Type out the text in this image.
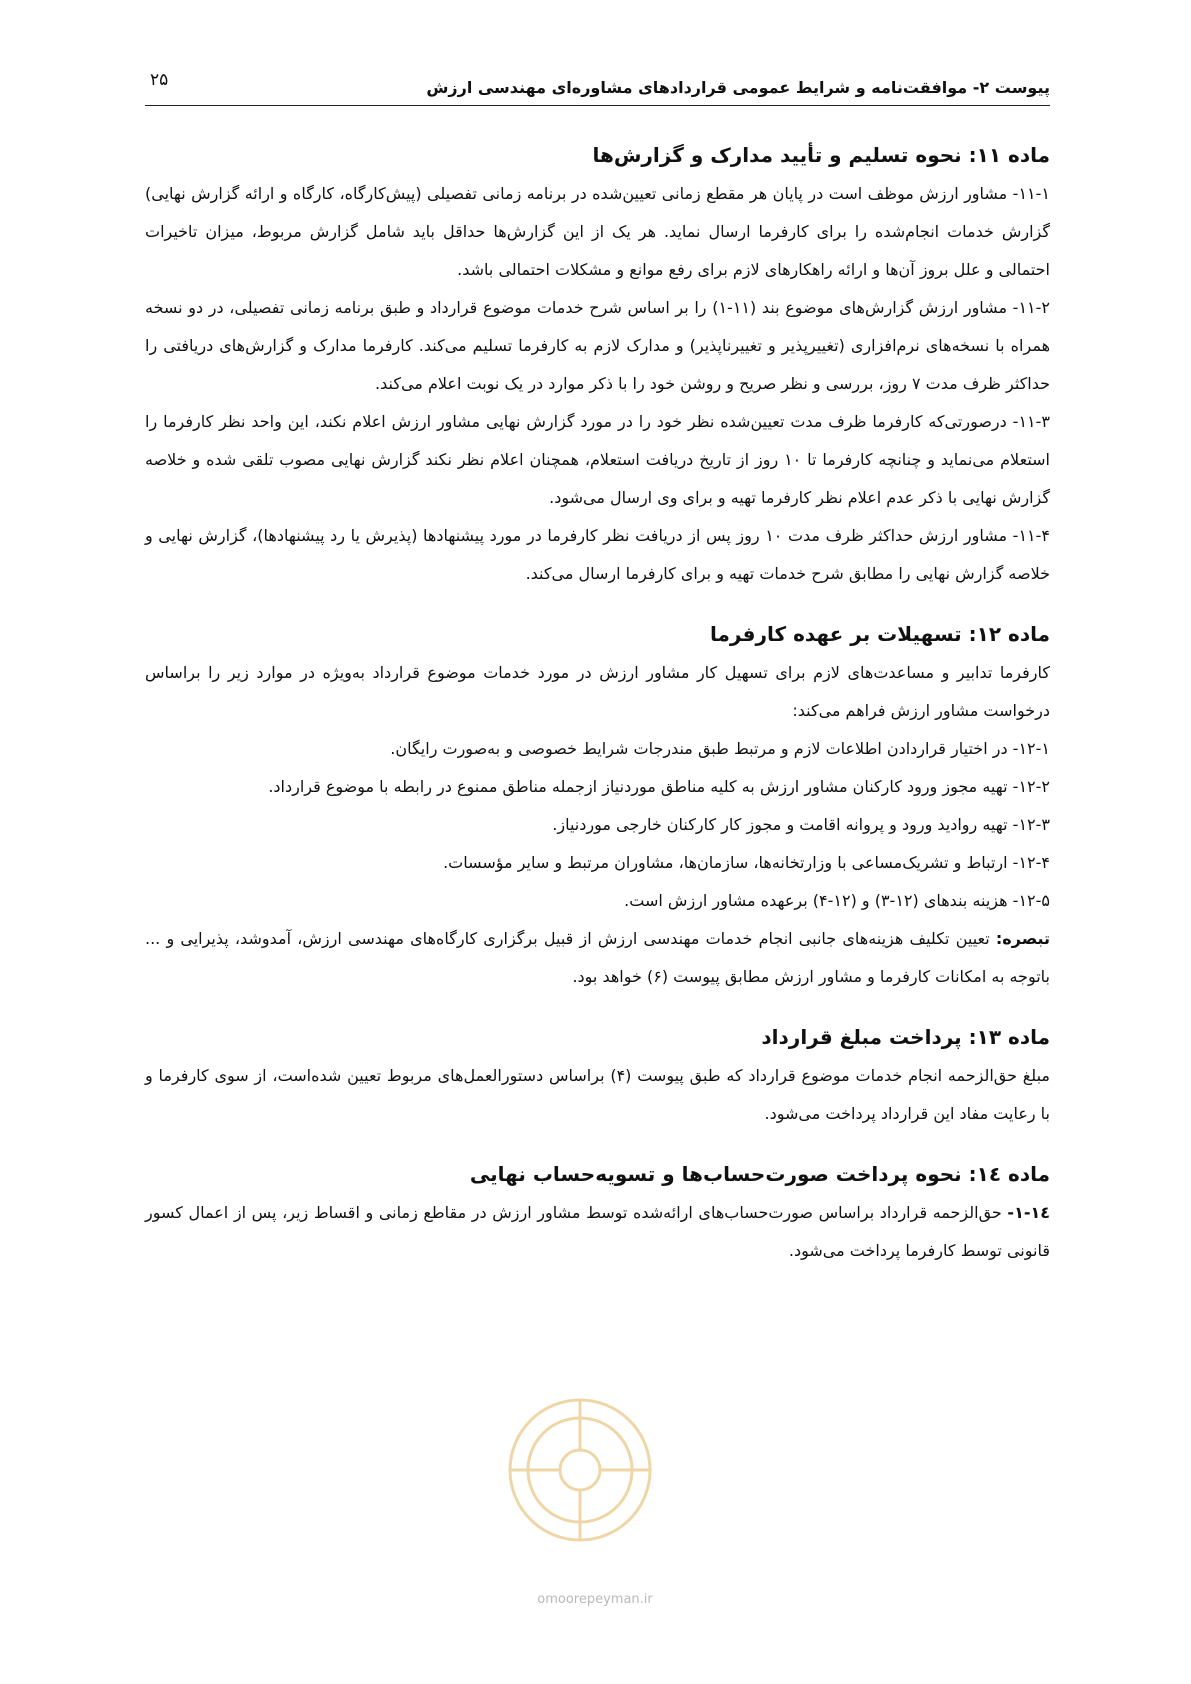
پیوست ۲- موافقت‌نامه و شرایط عمومی قراردادهای مشاوره‌ای مهندسی ارزش
۲۵
ماده ۱۱: نحوه تسلیم و تأیید مدارک و گزارش‌ها

۱۱-۱- مشاور ارزش موظف است در پایان هر مقطع زمانی تعیین‌شده در برنامه زمانی تفصیلی (پیش‌کارگاه، کارگاه و ارائه گزارش نهایی) گزارش خدمات انجام‌شده را برای کارفرما ارسال نماید. هر یک از این گزارش‌ها حداقل باید شامل گزارش مربوط، میزان تاخیرات احتمالی و علل بروز آن‌ها و ارائه راهکارهای لازم برای رفع موانع و مشکلات احتمالی باشد.

۱۱-۲- مشاور ارزش گزارش‌های موضوع بند (۱۱-۱) را بر اساس شرح خدمات موضوع قرارداد و طبق برنامه زمانی تفصیلی، در دو نسخه همراه با نسخه‌های نرم‌افزاری (تغییرپذیر و تغییرناپذیر) و مدارک لازم به کارفرما تسلیم می‌کند. کارفرما مدارک و گزارش‌های دریافتی را حداکثر ظرف مدت ۷ روز، بررسی و نظر صریح و روشن خود را با ذکر موارد در یک نوبت اعلام می‌کند.

۱۱-۳- درصورتی‌که کارفرما ظرف مدت تعیین‌شده نظر خود را در مورد گزارش نهایی مشاور ارزش اعلام نکند، این واحد نظر کارفرما را استعلام می‌نماید و چنانچه کارفرما تا ۱۰ روز از تاریخ دریافت استعلام، همچنان اعلام نظر نکند گزارش نهایی مصوب تلقی شده و خلاصه گزارش نهایی با ذکر عدم اعلام نظر کارفرما تهیه و برای وی ارسال می‌شود.

۱۱-۴- مشاور ارزش حداکثر ظرف مدت ۱۰ روز پس از دریافت نظر کارفرما در مورد پیشنهادها (پذیرش یا رد پیشنهادها)، گزارش نهایی و خلاصه گزارش نهایی را مطابق شرح خدمات تهیه و برای کارفرما ارسال می‌کند.

ماده ۱۲: تسهیلات بر عهده کارفرما

کارفرما تدابیر و مساعدت‌های لازم برای تسهیل کار مشاور ارزش در مورد خدمات موضوع قرارداد به‌ویژه در موارد زیر را براساس درخواست مشاور ارزش فراهم می‌کند:

۱۲-۱- در اختیار قراردادن اطلاعات لازم و مرتبط طبق مندرجات شرایط خصوصی و به‌صورت رایگان.

۱۲-۲- تهیه مجوز ورود کارکنان مشاور ارزش به کلیه مناطق موردنیاز ازجمله مناطق ممنوع در رابطه با موضوع قرارداد.

۱۲-۳- تهیه روادید ورود و پروانه اقامت و مجوز کار کارکنان خارجی موردنیاز.

۱۲-۴- ارتباط و تشریک‌مساعی با وزارتخانه‌ها، سازمان‌ها، مشاوران مرتبط و سایر مؤسسات.

۱۲-۵- هزینه بندهای (۱۲-۳) و (۱۲-۴) برعهده مشاور ارزش است.

تبصره: تعیین تکلیف هزینه‌های جانبی انجام خدمات مهندسی ارزش از قبیل برگزاری کارگاه‌های مهندسی ارزش، آمدوشد، پذیرایی و ... باتوجه به امکانات کارفرما و مشاور ارزش مطابق پیوست (۶) خواهد بود.

ماده ۱۳: پرداخت مبلغ قرارداد

مبلغ حق‌الزحمه انجام خدمات موضوع قرارداد که طبق پیوست (۴) براساس دستورالعمل‌های مربوط تعیین شده‌است، از سوی کارفرما و با رعایت مفاد این قرارداد پرداخت می‌شود.

ماده ۱٤: نحوه پرداخت صورت‌حساب‌ها و تسویه‌حساب نهایی

۱٤-۱- حق‌الزحمه قرارداد براساس صورت‌حساب‌های ارائه‌شده توسط مشاور ارزش در مقاطع زمانی و اقساط زیر، پس از اعمال کسور قانونی توسط کارفرما پرداخت می‌شود.

omoorepeyman.ir
